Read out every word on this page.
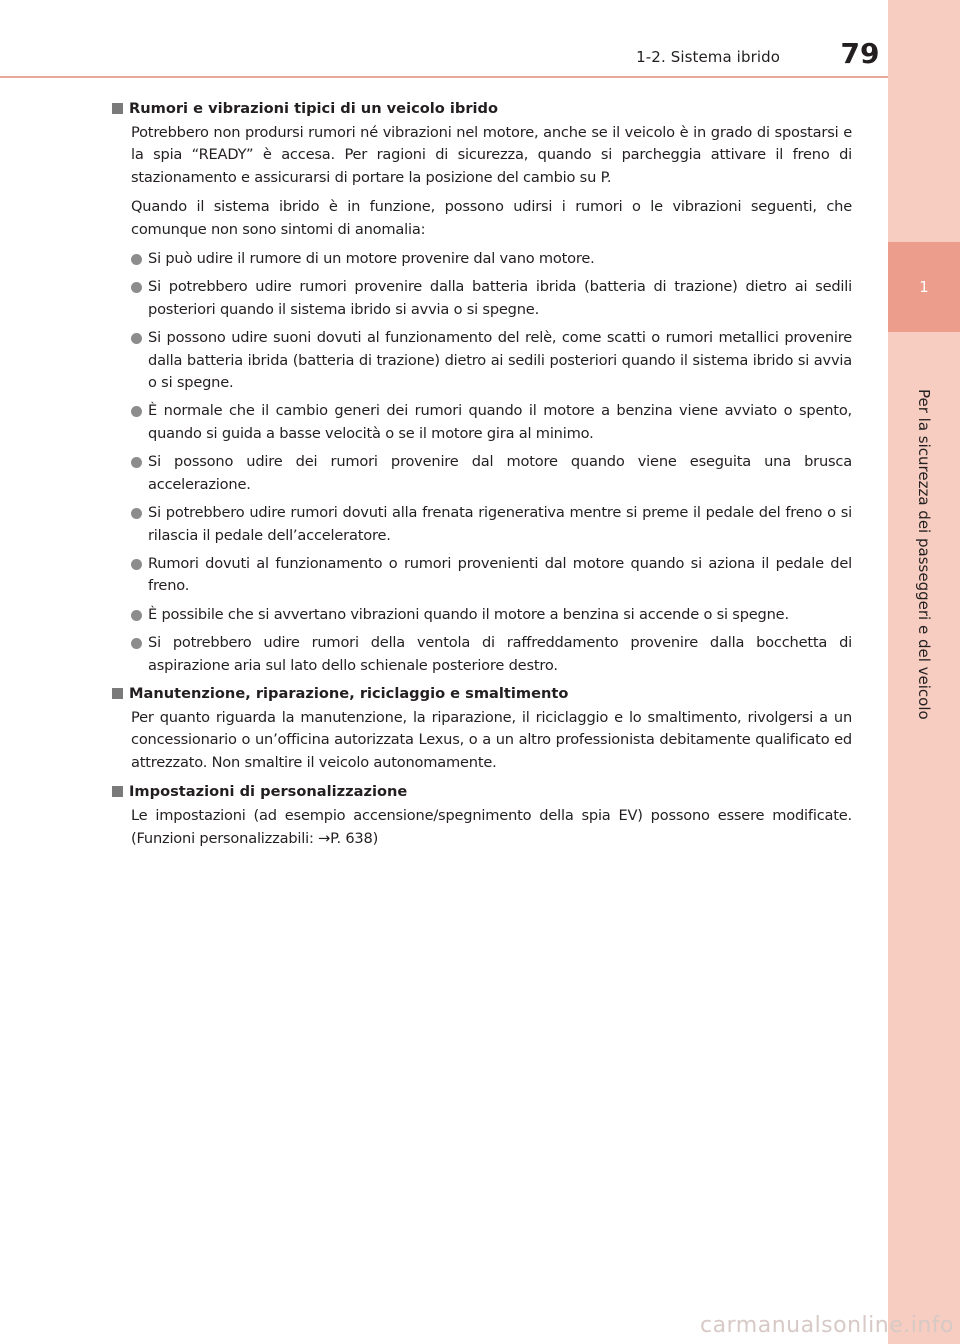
1-2. Sistema ibrido 79
1
Per la sicurezza dei passeggeri e del veicolo
Rumori e vibrazioni tipici di un veicolo ibrido

Potrebbero non prodursi rumori né vibrazioni nel motore, anche se il veicolo è in grado di spostarsi e la spia “READY” è accesa. Per ragioni di sicurezza, quando si parcheggia attivare il freno di stazionamento e assicurarsi di portare la posizione del cambio su P.

Quando il sistema ibrido è in funzione, possono udirsi i rumori o le vibrazioni seguenti, che comunque non sono sintomi di anomalia:

Si può udire il rumore di un motore provenire dal vano motore.
Si potrebbero udire rumori provenire dalla batteria ibrida (batteria di trazione) dietro ai sedili posteriori quando il sistema ibrido si avvia o si spegne.
Si possono udire suoni dovuti al funzionamento del relè, come scatti o rumori metallici provenire dalla batteria ibrida (batteria di trazione) dietro ai sedili posteriori quando il sistema ibrido si avvia o si spegne.
È normale che il cambio generi dei rumori quando il motore a benzina viene avviato o spento, quando si guida a basse velocità o se il motore gira al minimo.
Si possono udire dei rumori provenire dal motore quando viene eseguita una brusca accelerazione.
Si potrebbero udire rumori dovuti alla frenata rigenerativa mentre si preme il pedale del freno o si rilascia il pedale dell’acceleratore.
Rumori dovuti al funzionamento o rumori provenienti dal motore quando si aziona il pedale del freno.
È possibile che si avvertano vibrazioni quando il motore a benzina si accende o si spegne.
Si potrebbero udire rumori della ventola di raffreddamento provenire dalla bocchetta di aspirazione aria sul lato dello schienale posteriore destro.
Manutenzione, riparazione, riciclaggio e smaltimento

Per quanto riguarda la manutenzione, la riparazione, il riciclaggio e lo smaltimento, rivolgersi a un concessionario o un’officina autorizzata Lexus, o a un altro professionista debitamente qualificato ed attrezzato. Non smaltire il veicolo autonomamente.

Impostazioni di personalizzazione

Le impostazioni (ad esempio accensione/spegnimento della spia EV) possono essere modificate. (Funzioni personalizzabili: →P. 638)

carmanualsonline.info
